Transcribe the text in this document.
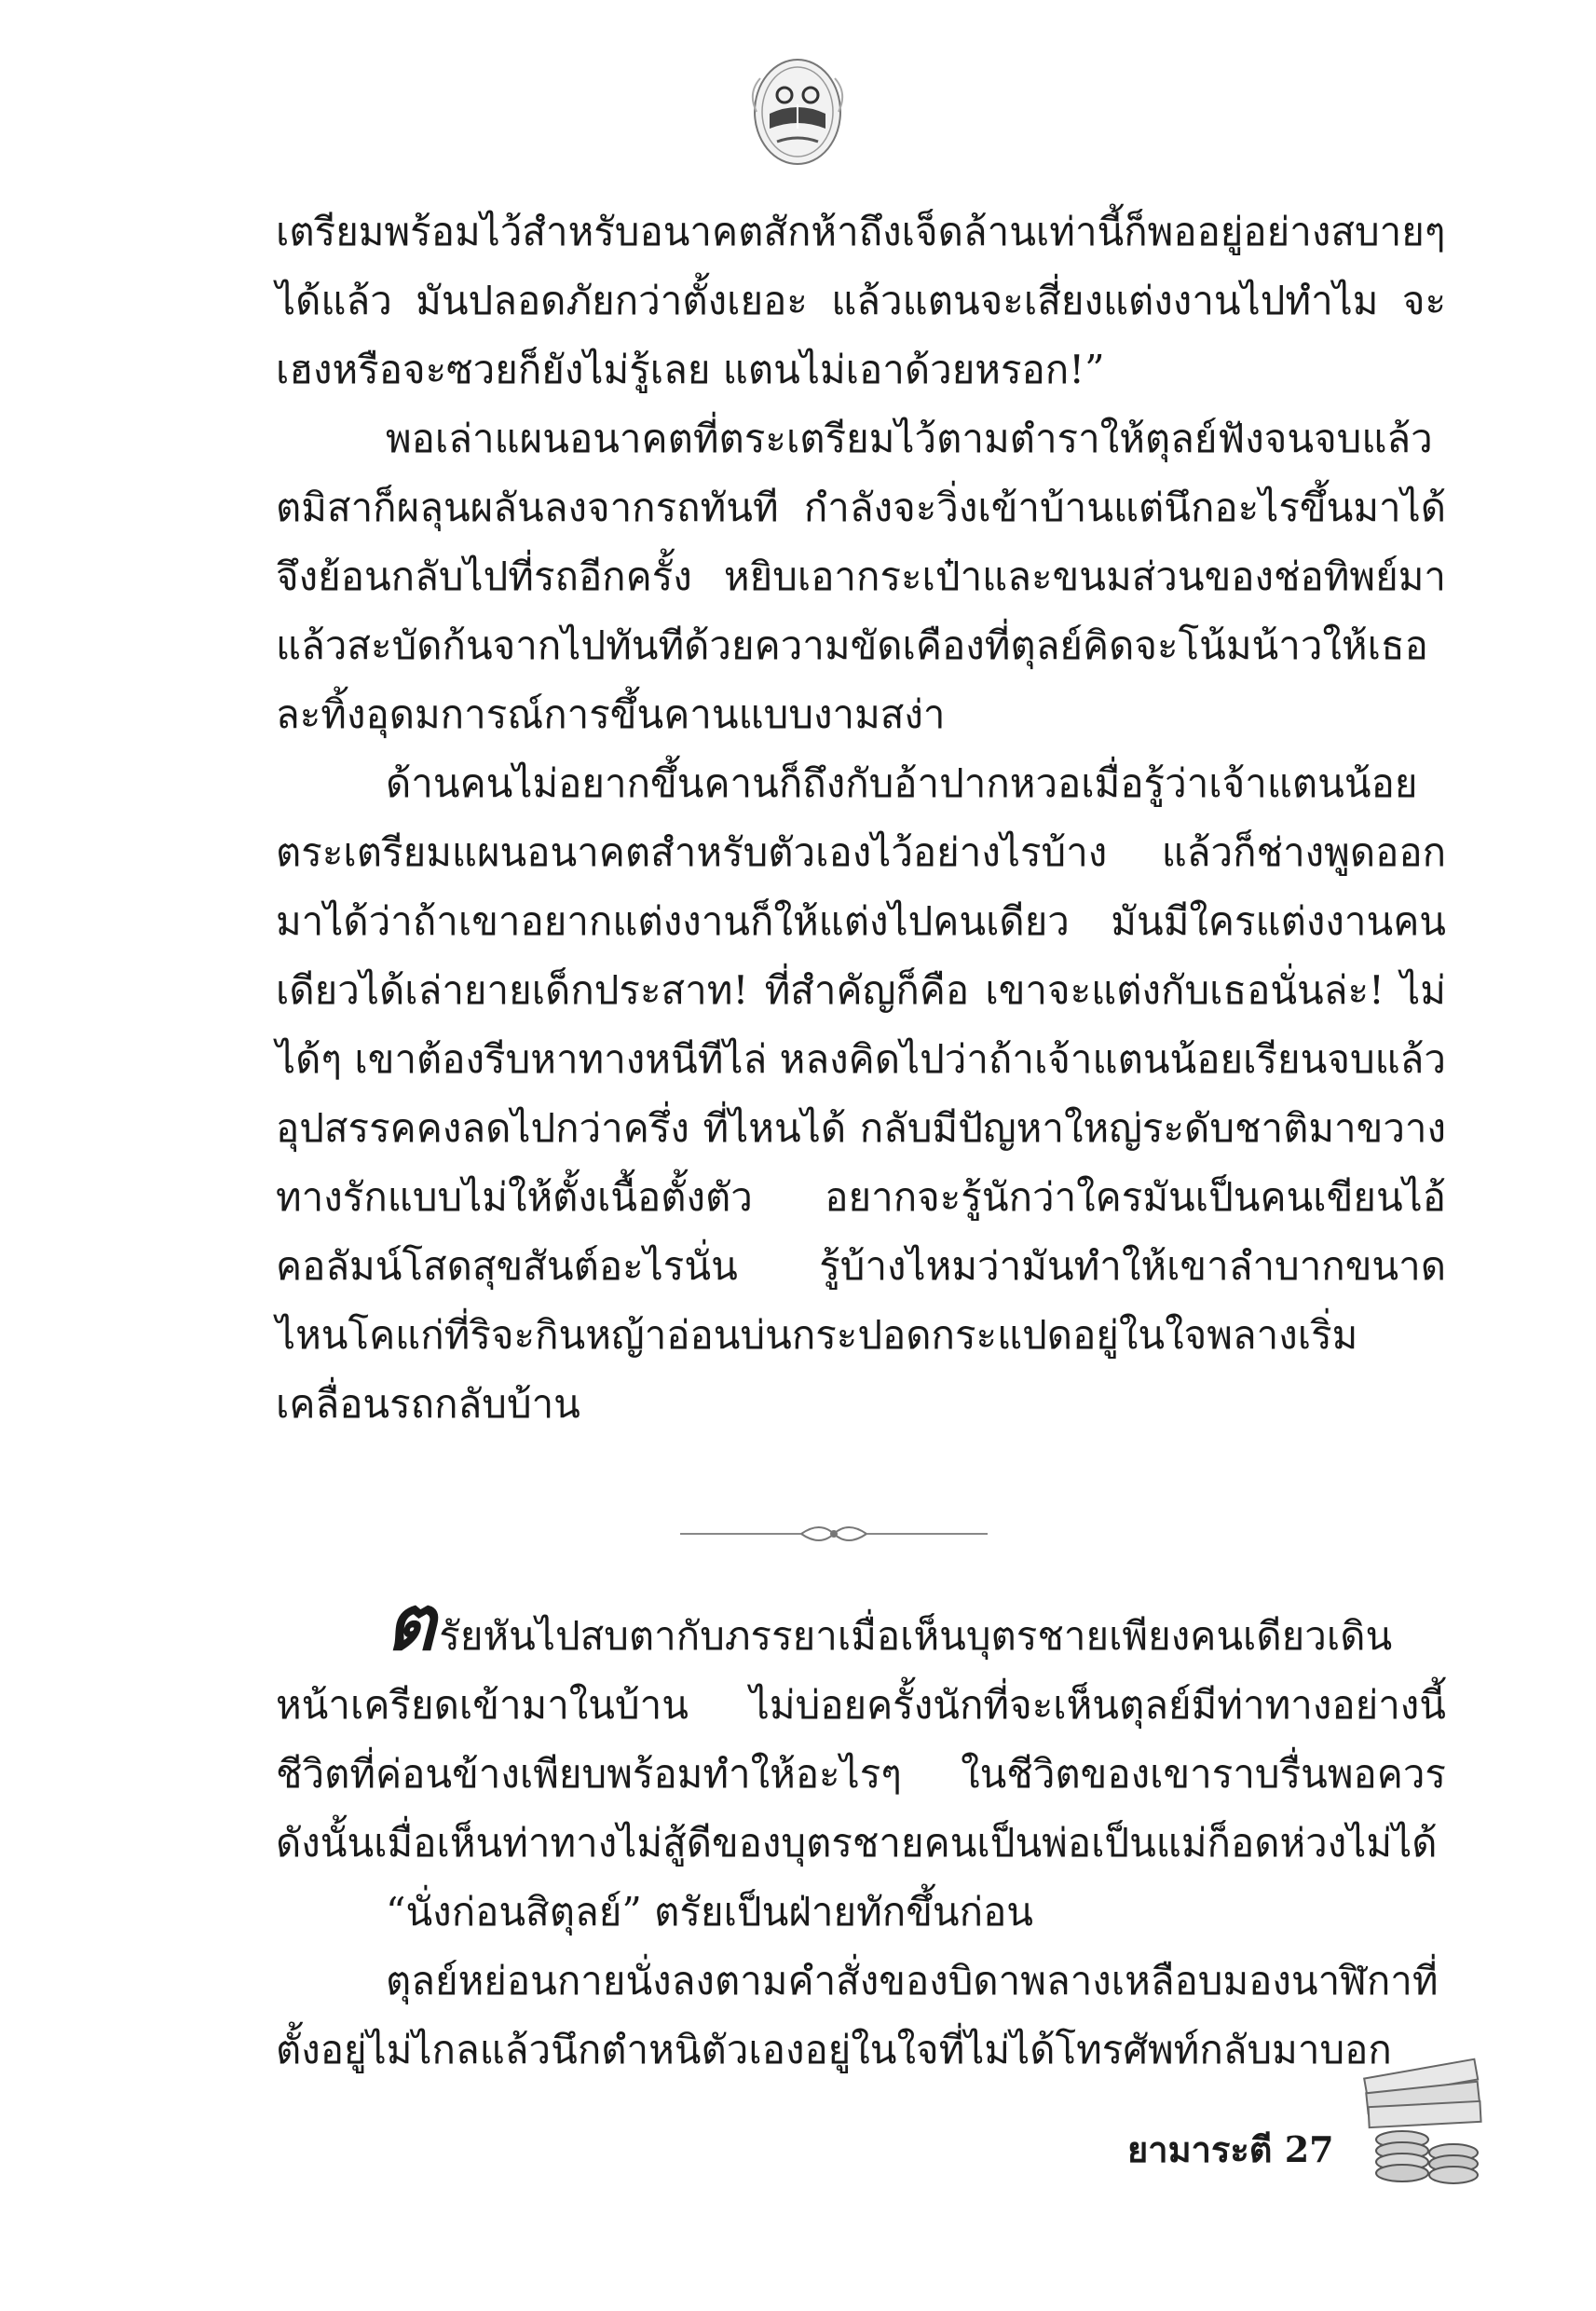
เตรียมพร้อมไว้สำหรับอนาคตสักห้าถึงเจ็ดล้านเท่านี้ก็พออยู่อย่างสบายๆ ได้แล้ว มันปลอดภัยกว่าตั้งเยอะ แล้วแตนจะเสี่ยงแต่งงานไปทำไม จะเฮงหรือจะซวยก็ยังไม่รู้เลย แตนไม่เอาด้วยหรอก!”

พอเล่าแผนอนาคตที่ตระเตรียมไว้ตามตำราให้ตุลย์ฟังจนจบแล้ว ตมิสาก็ผลุนผลันลงจากรถทันที กำลังจะวิ่งเข้าบ้านแต่นึกอะไรขึ้นมาได้ จึงย้อนกลับไปที่รถอีกครั้ง หยิบเอากระเป๋าและขนมส่วนของช่อทิพย์มา แล้วสะบัดก้นจากไปทันทีด้วยความขัดเคืองที่ตุลย์คิดจะโน้มน้าวให้เธอละทิ้งอุดมการณ์การขึ้นคานแบบงามสง่า

ด้านคนไม่อยากขึ้นคานก็ถึงกับอ้าปากหวอเมื่อรู้ว่าเจ้าแตนน้อยตระเตรียมแผนอนาคตสำหรับตัวเองไว้อย่างไรบ้าง แล้วก็ช่างพูดออกมาได้ว่าถ้าเขาอยากแต่งงานก็ให้แต่งไปคนเดียว มันมีใครแต่งงานคนเดียวได้เล่ายายเด็กประสาท! ที่สำคัญก็คือ เขาจะแต่งกับเธอนั่นล่ะ! ไม่ได้ๆ เขาต้องรีบหาทางหนีทีไล่ หลงคิดไปว่าถ้าเจ้าแตนน้อยเรียนจบแล้ว อุปสรรคคงลดไปกว่าครึ่ง ที่ไหนได้ กลับมีปัญหาใหญ่ระดับชาติมาขวางทางรักแบบไม่ให้ตั้งเนื้อตั้งตัว อยากจะรู้นักว่าใครมันเป็นคนเขียนไอ้คอลัมน์โสดสุขสันต์อะไรนั่น รู้บ้างไหมว่ามันทำให้เขาลำบากขนาดไหนโคแก่ที่ริจะกินหญ้าอ่อนบ่นกระปอดกระแปดอยู่ในใจพลางเริ่มเคลื่อนรถกลับบ้าน

ตรัยหันไปสบตากับภรรยาเมื่อเห็นบุตรชายเพียงคนเดียวเดินหน้าเครียดเข้ามาในบ้าน ไม่บ่อยครั้งนักที่จะเห็นตุลย์มีท่าทางอย่างนี้ ชีวิตที่ค่อนข้างเพียบพร้อมทำให้อะไรๆ ในชีวิตของเขาราบรื่นพอควร ดังนั้นเมื่อเห็นท่าทางไม่สู้ดีของบุตรชายคนเป็นพ่อเป็นแม่ก็อดห่วงไม่ได้

“นั่งก่อนสิตุลย์” ตรัยเป็นฝ่ายทักขึ้นก่อน

ตุลย์หย่อนกายนั่งลงตามคำสั่งของบิดาพลางเหลือบมองนาฬิกาที่ตั้งอยู่ไม่ไกลแล้วนึกตำหนิตัวเองอยู่ในใจที่ไม่ได้โทรศัพท์กลับมาบอก

ยามาระตี 27
